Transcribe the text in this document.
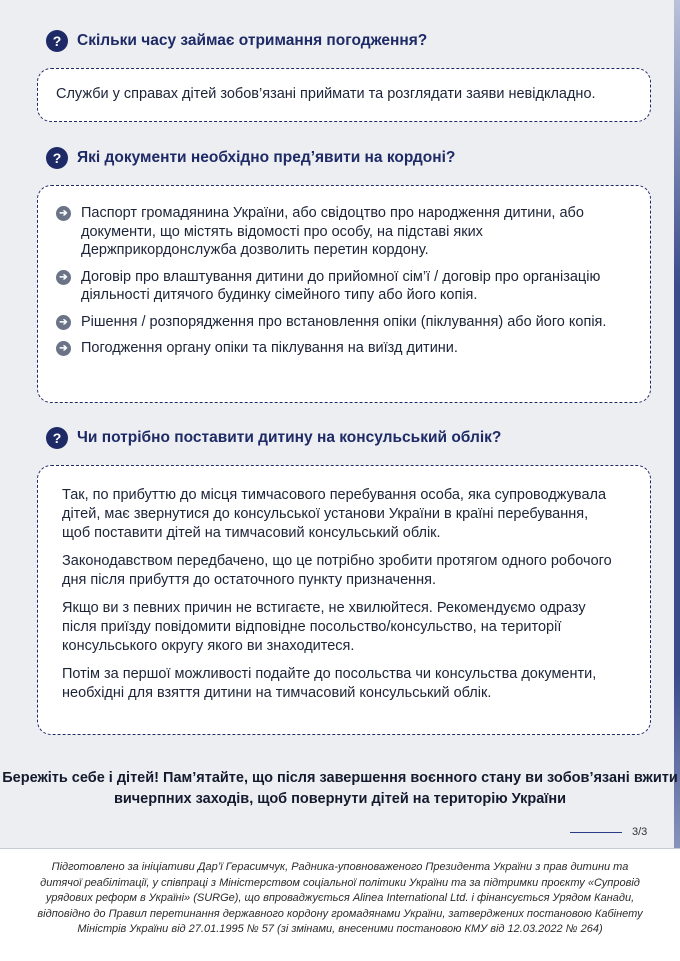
?	Скільки часу займає отримання погодження?

Служби у справах дітей зобов’язані приймати та розглядати заяви невідкладно.

?	Які документи необхідно пред’явити на кордоні?
➔ Паспорт громадянина України, або свідоцтво про народження дитини, або документи, що містять відомості про особу, на підставі яких Держприкордонслужба дозволить перетин кордону.
➔ Договір про влаштування дитини до прийомної сім’ї / договір про організацію діяльності дитячого будинку сімейного типу або його копія.
➔ Рішення / розпорядження про встановлення опіки (піклування) або його копія.
➔ Погодження органу опіки та піклування на виїзд дитини.
?	Чи потрібно поставити дитину на консульський облік?

Так, по прибуттю до місця тимчасового перебування особа, яка супроводжувала дітей, має звернутися до консульської установи України в країні перебування, щоб поставити дітей на тимчасовий консульський облік.

Законодавством передбачено, що це потрібно зробити протягом одного робочого дня після прибуття до остаточного пункту призначення.

Якщо ви з певних причин не встигаєте, не хвилюйтеся. Рекомендуємо одразу після приїзду повідомити відповідне посольство/консульство, на території консульського округу якого ви знаходитеся.

Потім за першої можливості подайте до посольства чи консульства документи, необхідні для взяття дитини на тимчасовий консульський облік.

Бережіть себе і дітей! Пам’ятайте, що після завершення воєнного стану ви зобов’язані вжити вичерпних заходів, щоб повернути дітей на територію України
3/3

Підготовлено за ініціативи Дар’ї Герасимчук, Радника-уповноваженого Президента України з прав дитини та дитячої реабілітації, у співпраці з Міністерством соціальної політики України та за підтримки проєкту «Супровід урядових реформ в Україні» (SURGe), що впроваджується Alinea International Ltd. і фінансується Урядом Канади, відповідно до Правил перетинання державного кордону громадянами України, затверджених постановою Кабінету Міністрів України від 27.01.1995 № 57 (зі змінами, внесеними постановою КМУ від 12.03.2022 № 264)
